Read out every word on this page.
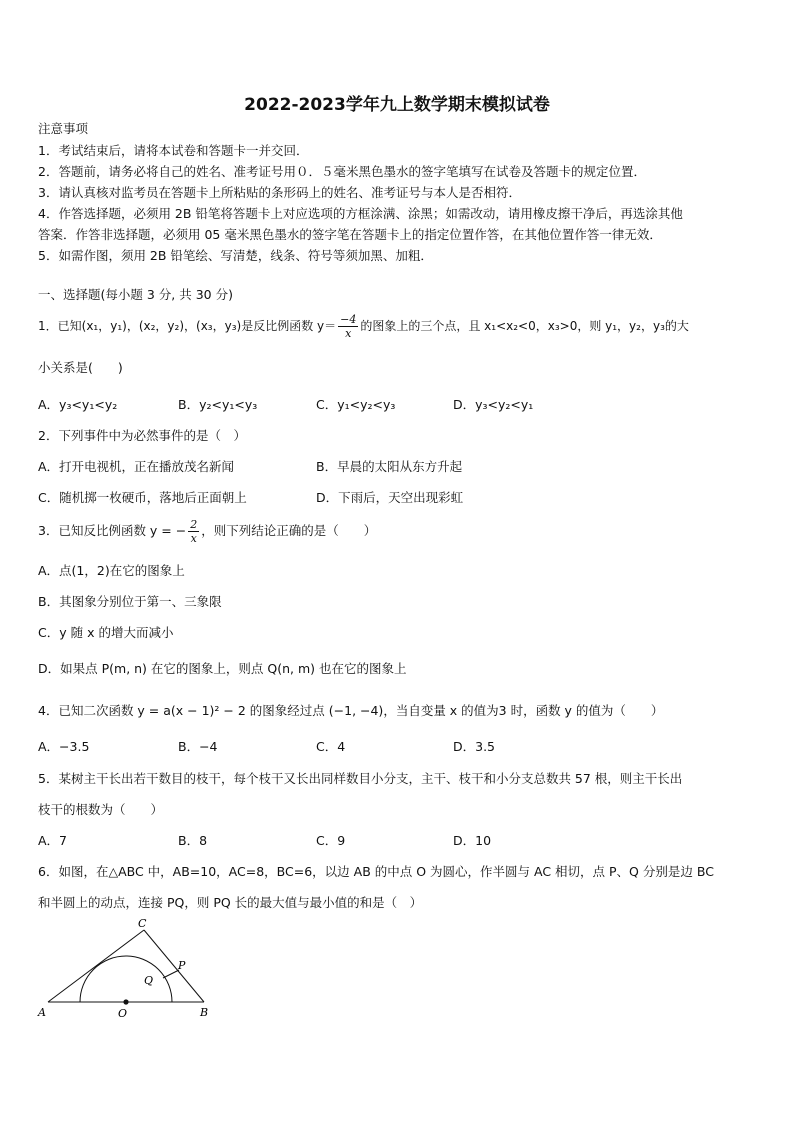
2022-2023学年九上数学期末模拟试卷
注意事项
1．考试结束后，请将本试卷和答题卡一并交回．
2．答题前，请务必将自己的姓名、准考证号用０．５毫米黑色墨水的签字笔填写在试卷及答题卡的规定位置．
3．请认真核对监考员在答题卡上所粘贴的条形码上的姓名、准考证号与本人是否相符．
4．作答选择题，必须用 2B 铅笔将答题卡上对应选项的方框涂满、涂黑；如需改动，请用橡皮擦干净后，再选涂其他
答案．作答非选择题，必须用 05 毫米黑色墨水的签字笔在答题卡上的指定位置作答，在其他位置作答一律无效．
5．如需作图，须用 2B 铅笔绘、写清楚，线条、符号等须加黑、加粗．
一、选择题(每小题 3 分, 共 30 分)
1．已知(x₁，y₁)，(x₂，y₂)，(x₃，y₃)是反比例函数 $y= \frac{-4}{x}$ 的图象上的三个点，且 x₁<x₂<0，x₃>0，则 y₁，y₂，y₃的大
小关系是(　　)
A．y₃<y₁<y₂	B．y₂<y₁<y₃	C．y₁<y₂<y₃	D．y₃<y₂<y₁
2．下列事件中为必然事件的是（　）
A．打开电视机，正在播放茂名新闻	B．早晨的太阳从东方升起
C．随机掷一枚硬币，落地后正面朝上	D．下雨后，天空出现彩虹
3．已知反比例函数 y = − $\frac{2}{x}$ ，则下列结论正确的是（　　）
A．点(1，2)在它的图象上
B．其图象分别位于第一、三象限
C．y 随 x 的增大而减小
D．如果点 P(m, n) 在它的图象上，则点 Q(n, m) 也在它的图象上
4．已知二次函数 y = a(x − 1)² − 2 的图象经过点 (−1, −4)，当自变量 x 的值为3 时，函数 y 的值为（　　）
A．−3.5	B．−4	C．4	D．3.5
5．某树主干长出若干数目的枝干，每个枝干又长出同样数目小分支，主干、枝干和小分支总数共 57 根，则主干长出
枝干的根数为（　　）
A．7	B．8	C．9	D．10
6．如图，在△ABC 中，AB=10，AC=8，BC=6，以边 AB 的中点 O 为圆心，作半圆与 AC 相切，点 P、Q 分别是边 BC
和半圆上的动点，连接 PQ，则 PQ 长的最大值与最小值的和是（　）
A	B
C
O
P
Q
